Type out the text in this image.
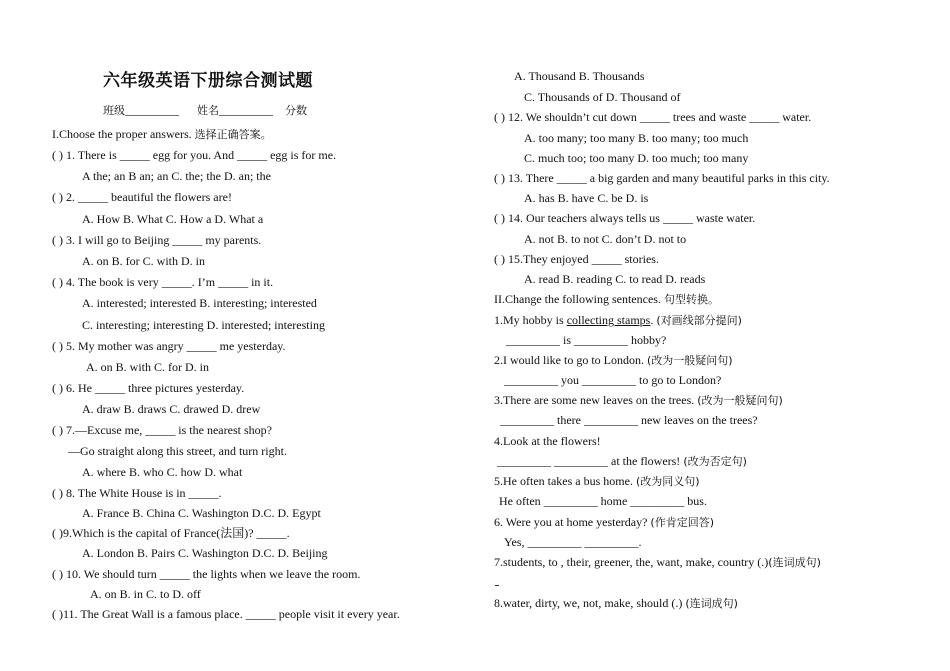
六年级英语下册综合测试题
班级_________ 姓名_________ 分数
I.Choose the proper answers. 选择正确答案。
( ) 1. There is _____ egg for you. And _____ egg is for me.
A the; an B an; an C. the; the D. an; the
( ) 2. _____ beautiful the flowers are!
A. How B. What C. How a D. What a
( ) 3. I will go to Beijing _____ my parents.
A. on B. for C. with D. in
( ) 4. The book is very _____. I’m _____ in it.
A. interested; interested B. interesting; interested
C. interesting; interesting D. interested; interesting
( ) 5. My mother was angry _____ me yesterday.
A. on B. with C. for D. in
( ) 6. He _____ three pictures yesterday.
A. draw B. draws C. drawed D. drew
( ) 7.—Excuse me, _____ is the nearest shop?
—Go straight along this street, and turn right.
A. where B. who C. how D. what
( ) 8. The White House is in _____.
A. France B. China C. Washington D.C. D. Egypt
( )9.Which is the capital of France(法国)? _____.
A. London B. Pairs C. Washington D.C. D. Beijing
( ) 10. We should turn _____ the lights when we leave the room.
A. on B. in C. to D. off
( )11. The Great Wall is a famous place. _____ people visit it every year.
A. Thousand B. Thousands
C. Thousands of D. Thousand of
( ) 12. We shouldn’t cut down _____ trees and waste _____ water.
A. too many; too many B. too many; too much
C. much too; too many D. too much; too many
( ) 13. There _____ a big garden and many beautiful parks in this city.
A. has B. have C. be D. is
( ) 14. Our teachers always tells us _____ waste water.
A. not B. to not C. don’t D. not to
( ) 15.They enjoyed _____ stories.
A. read B. reading C. to read D. reads
II.Change the following sentences. 句型转换。
1.My hobby is collecting stamps. (对画线部分提问)
_________ is _________ hobby?
2.I would like to go to London. (改为一般疑问句)
_________ you _________ to go to London?
3.There are some new leaves on the trees. (改为一般疑问句)
_________ there _________ new leaves on the trees?
4.Look at the flowers!
_________ _________ at the flowers! (改为否定句)
5.He often takes a bus home. (改为同义句)
He often _________ home _________ bus.
6. Were you at home yesterday? (作肯定回答)
Yes, _________ _________.
7.students, to , their, greener, the, want, make, country (.)(连词成句)
8.water, dirty, we, not, make, should (.) (连词成句)
